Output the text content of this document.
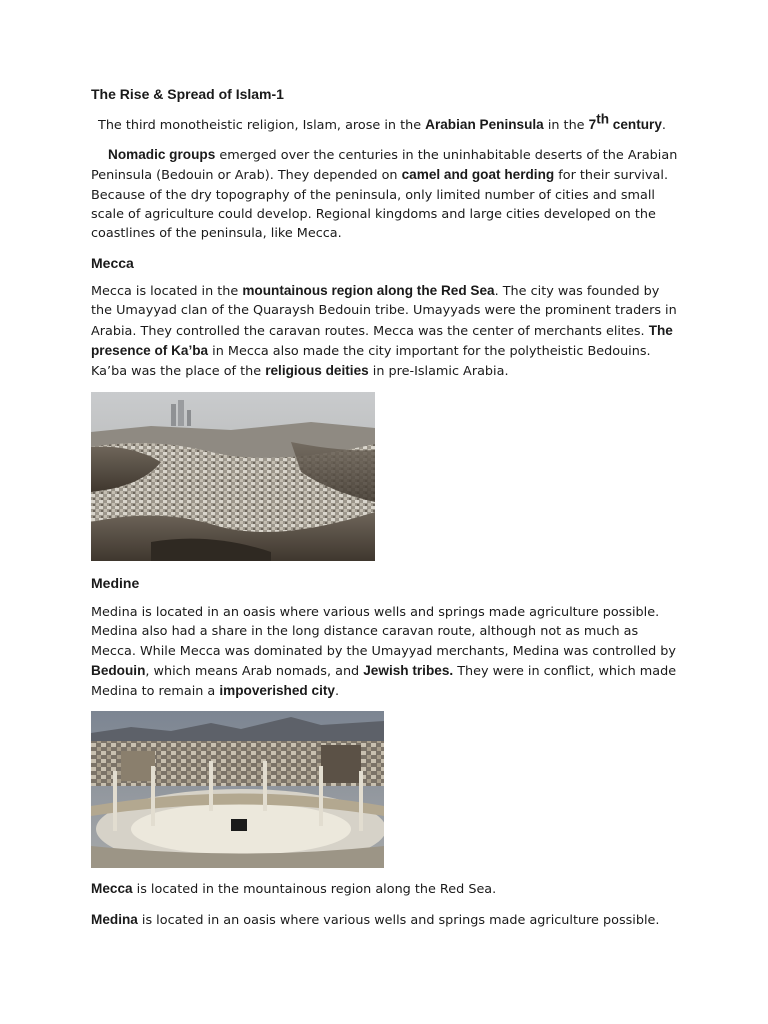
The Rise & Spread of Islam-1

The third monotheistic religion, Islam, arose in the Arabian Peninsula in the 7th century.

Nomadic groups emerged over the centuries in the uninhabitable deserts of the Arabian Peninsula (Bedouin or Arab). They depended on camel and goat herding for their survival. Because of the dry topography of the peninsula, only limited number of cities and small scale of agriculture could develop. Regional kingdoms and large cities developed on the coastlines of the peninsula, like Mecca.

Mecca

Mecca is located in the mountainous region along the Red Sea. The city was founded by the Umayyad clan of the Quaraysh Bedouin tribe. Umayyads were the prominent traders in Arabia. They controlled the caravan routes. Mecca was the center of merchants elites. The presence of Ka’ba in Mecca also made the city important for the polytheistic Bedouins. Ka’ba was the place of the religious deities in pre-Islamic Arabia.

Medine

Medina is located in an oasis where various wells and springs made agriculture possible. Medina also had a share in the long distance caravan route, although not as much as Mecca. While Mecca was dominated by the Umayyad merchants, Medina was controlled by Bedouin, which means Arab nomads, and Jewish tribes. They were in conflict, which made Medina to remain a impoverished city.

Mecca is located in the mountainous region along the Red Sea.

Medina is located in an oasis where various wells and springs made agriculture possible.
